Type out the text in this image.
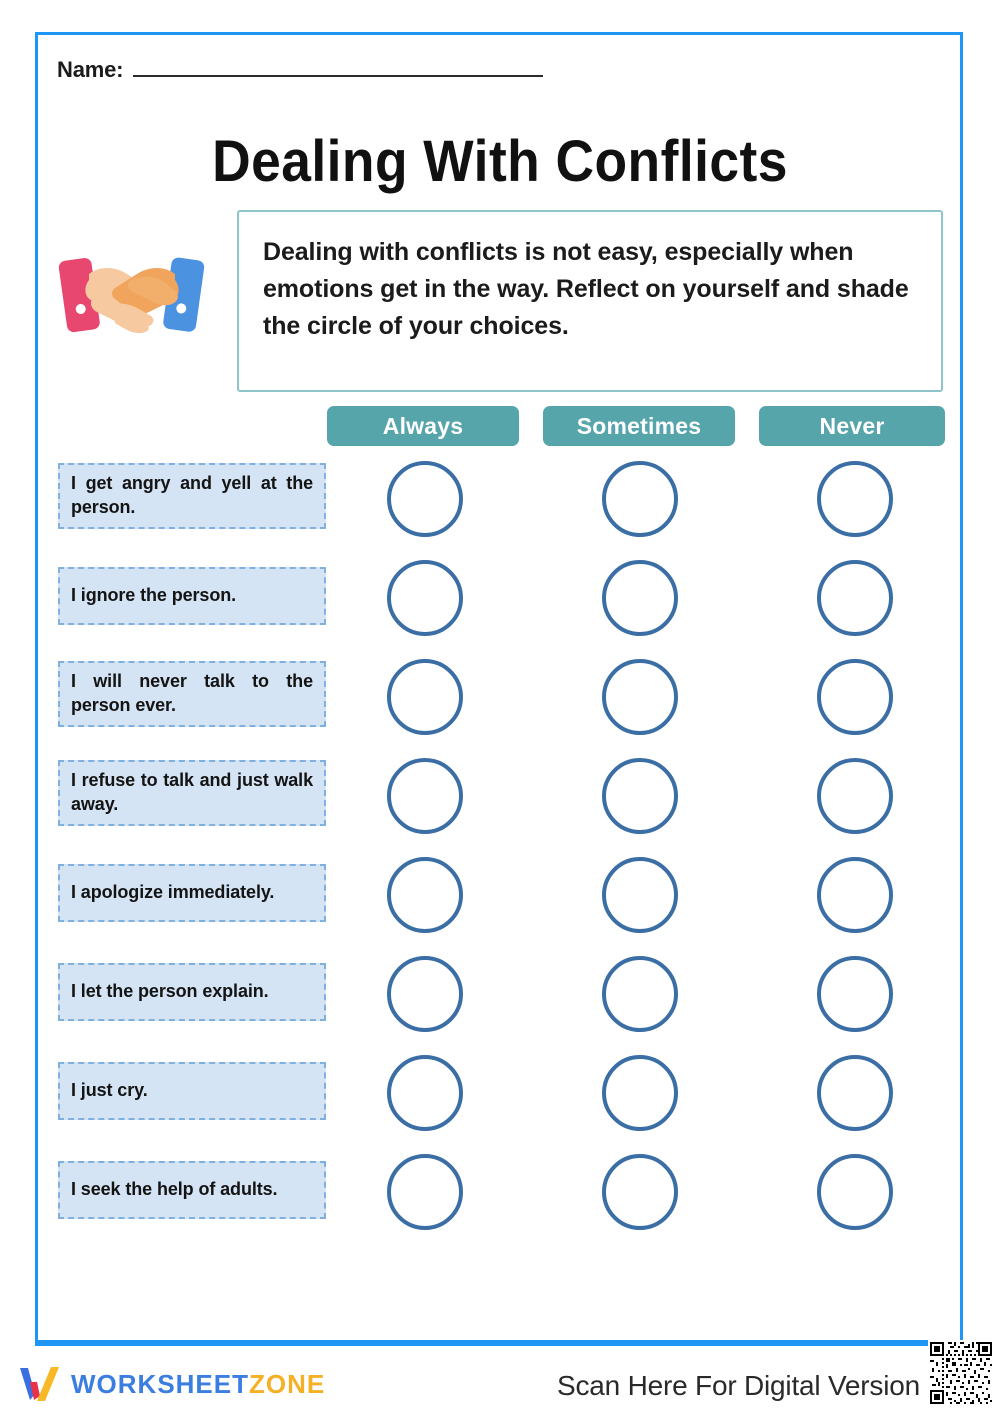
Name:
Dealing With Conflicts
Dealing with conflicts is not easy, especially when emotions get in the way. Reflect on yourself and shade the circle of your choices.
Always	Sometimes	Never
I get angry and yell at the person.
I ignore the person.
I will never talk to the person ever.
I refuse to talk and just walk away.
I apologize immediately.
I let the person explain.
I just cry.
I seek the help of adults.
WORKSHEETZONE	Scan Here For Digital Version
